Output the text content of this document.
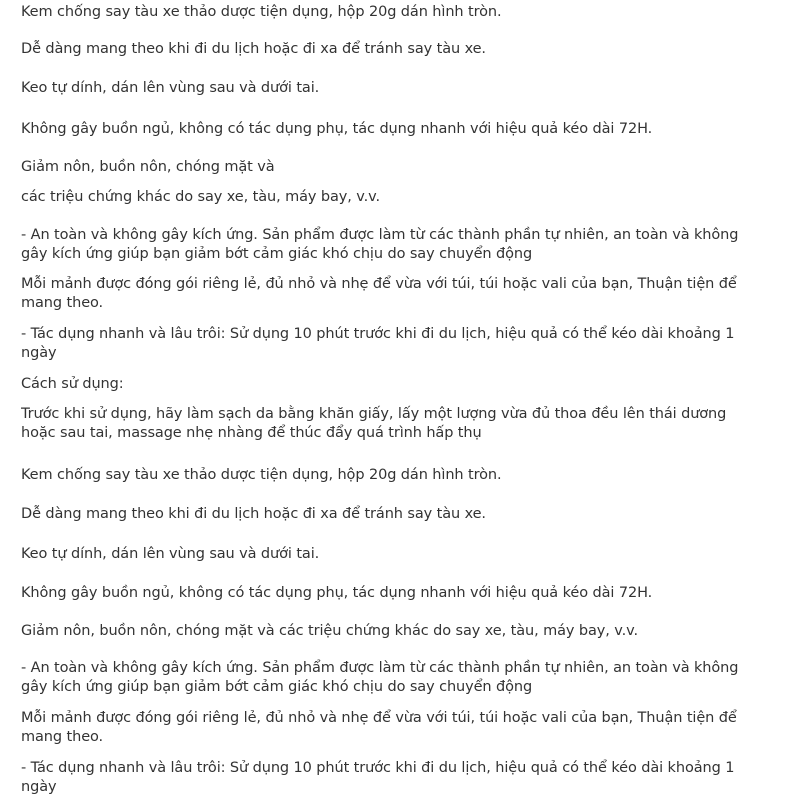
Kem chống say tàu xe thảo dược tiện dụng, hộp 20g dán hình tròn.

Dễ dàng mang theo khi đi du lịch hoặc đi xa để tránh say tàu xe.

Keo tự dính, dán lên vùng sau và dưới tai.

Không gây buồn ngủ, không có tác dụng phụ, tác dụng nhanh với hiệu quả kéo dài 72H.

Giảm nôn, buồn nôn, chóng mặt và

các triệu chứng khác do say xe, tàu, máy bay, v.v.

- An toàn và không gây kích ứng. Sản phẩm được làm từ các thành phần tự nhiên, an toàn và không
gây kích ứng giúp bạn giảm bớt cảm giác khó chịu do say chuyển động

Mỗi mảnh được đóng gói riêng lẻ, đủ nhỏ và nhẹ để vừa với túi, túi hoặc vali của bạn, Thuận tiện để
mang theo.

- Tác dụng nhanh và lâu trôi: Sử dụng 10 phút trước khi đi du lịch, hiệu quả có thể kéo dài khoảng 1
ngày

Cách sử dụng:

Trước khi sử dụng, hãy làm sạch da bằng khăn giấy, lấy một lượng vừa đủ thoa đều lên thái dương
hoặc sau tai, massage nhẹ nhàng để thúc đẩy quá trình hấp thụ

Kem chống say tàu xe thảo dược tiện dụng, hộp 20g dán hình tròn.

Dễ dàng mang theo khi đi du lịch hoặc đi xa để tránh say tàu xe.

Keo tự dính, dán lên vùng sau và dưới tai.

Không gây buồn ngủ, không có tác dụng phụ, tác dụng nhanh với hiệu quả kéo dài 72H.

Giảm nôn, buồn nôn, chóng mặt và các triệu chứng khác do say xe, tàu, máy bay, v.v.

- An toàn và không gây kích ứng. Sản phẩm được làm từ các thành phần tự nhiên, an toàn và không
gây kích ứng giúp bạn giảm bớt cảm giác khó chịu do say chuyển động

Mỗi mảnh được đóng gói riêng lẻ, đủ nhỏ và nhẹ để vừa với túi, túi hoặc vali của bạn, Thuận tiện để
mang theo.

- Tác dụng nhanh và lâu trôi: Sử dụng 10 phút trước khi đi du lịch, hiệu quả có thể kéo dài khoảng 1
ngày
